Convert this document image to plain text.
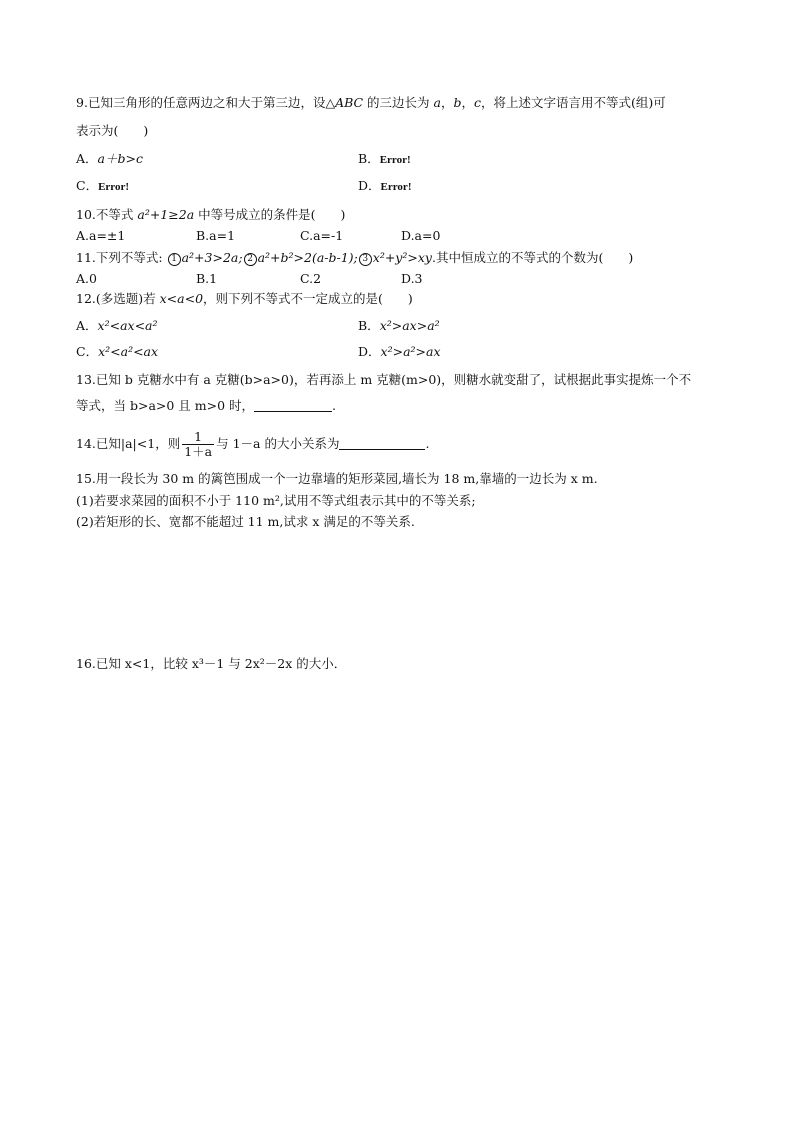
9.已知三角形的任意两边之和大于第三边，设△ABC 的三边长为 a，b，c，将上述文字语言用不等式(组)可
表示为(　　)
A．a＋b>c	B．Error!
C．Error!	D．Error!
10.不等式 a²+1≥2a 中等号成立的条件是(　　)
A.a=±1	B.a=1	C.a=-1	D.a=0
11.下列不等式: 1 a²+3>2a; 2 a²+b²>2(a-b-1); 3 x²+y²>xy.其中恒成立的不等式的个数为(　　)
A.0	B.1	C.2	D.3
12.(多选题)若 x<a<0，则下列不等式不一定成立的是(　　)
A．x²<ax<a²	B．x²>ax>a²
C．x²<a²<ax	D．x²>a²>ax
13.已知 b 克糖水中有 a 克糖(b>a>0)，若再添上 m 克糖(m>0)，则糖水就变甜了，试根据此事实提炼一个不
等式，当 b>a>0 且 m>0 时，	.
14.已知|a|<1，则 $\frac{1}{1+a}$ 与 1－a 的大小关系为	.
15.用一段长为 30 m 的篱笆围成一个一边靠墙的矩形菜园,墙长为 18 m,靠墙的一边长为 x m.
(1)若要求菜园的面积不小于 110 m²,试用不等式组表示其中的不等关系;
(2)若矩形的长、宽都不能超过 11 m,试求 x 满足的不等关系.
16.已知 x<1，比较 x³－1 与 2x²－2x 的大小．
